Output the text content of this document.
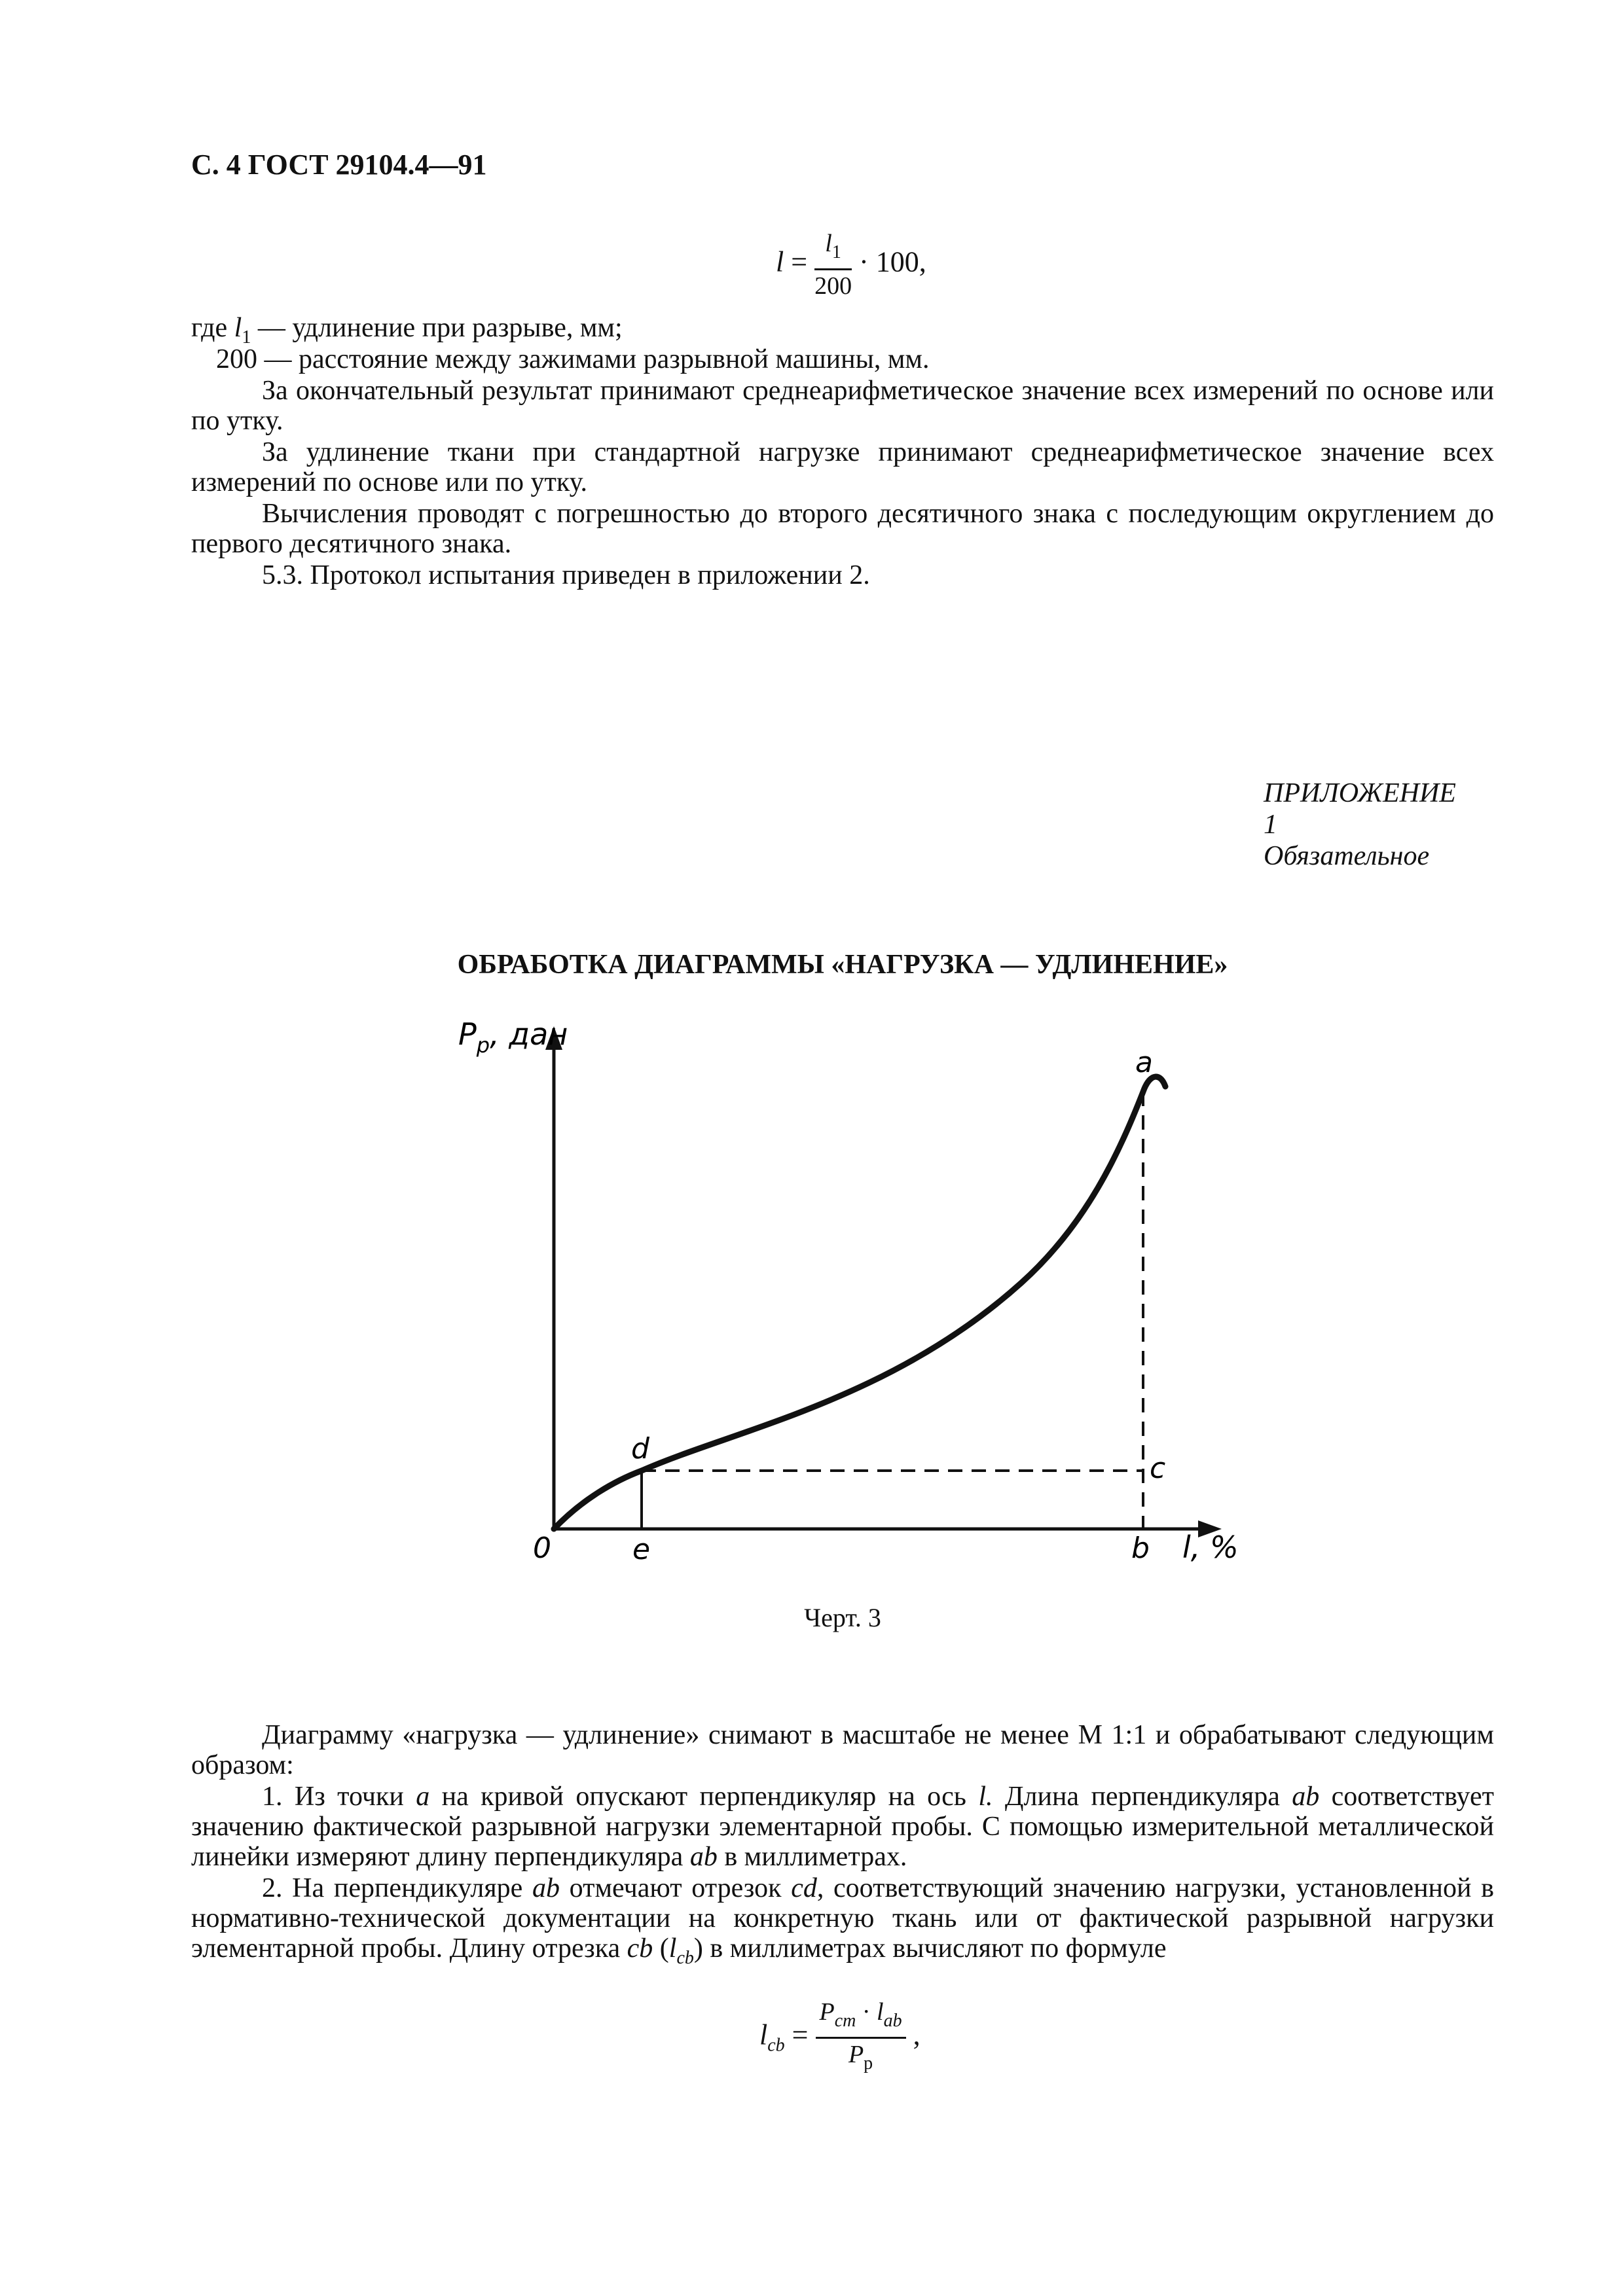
С. 4 ГОСТ 29104.4—91
$l = \frac{l_1}{200} \cdot 100$,
где $l_1$ — удлинение при разрыве, мм;
200 — расстояние между зажимами разрывной машины, мм.
За окончательный результат принимают среднеарифметическое значение всех измерений по основе или по утку.
За удлинение ткани при стандартной нагрузке принимают среднеарифметическое значение всех измерений по основе или по утку.
Вычисления проводят с погрешностью до второго десятичного знака с последующим округлением до первого десятичного знака.
5.3. Протокол испытания приведен в приложении 2.
ПРИЛОЖЕНИЕ 1
Обязательное
ОБРАБОТКА ДИАГРАММЫ «НАГРУЗКА — УДЛИНЕНИЕ»
$P_p$, дан
l, %
0
a
b
c
d
e
Черт. 3
Диаграмму «нагрузка — удлинение» снимают в масштабе не менее М 1:1 и обрабатывают следующим образом:
1. Из точки a на кривой опускают перпендикуляр на ось l. Длина перпендикуляра ab соответствует значению фактической разрывной нагрузки элементарной пробы. С помощью измерительной металлической линейки измеряют длину перпендикуляра ab в миллиметрах.
2. На перпендикуляре ab отмечают отрезок cd, соответствующий значению нагрузки, установленной в нормативно-технической документации на конкретную ткань или от фактической разрывной нагрузки элементарной пробы. Длину отрезка cb $(l_{cb})$ в миллиметрах вычисляют по формуле
$l_{cb} = \frac{P_{cm} \cdot l_{ab}}{P_p}$ ,
